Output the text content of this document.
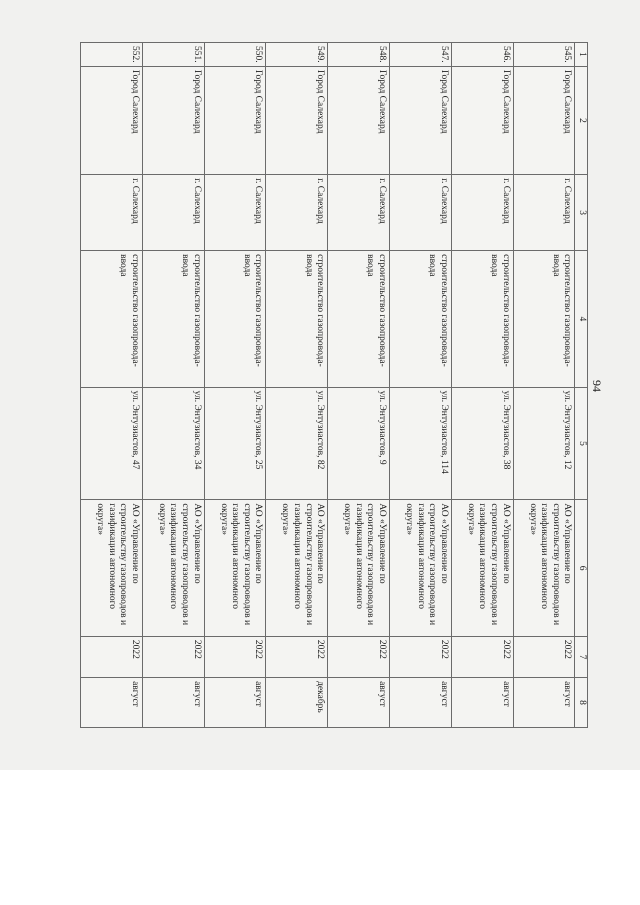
94
1	2	3	4	5	6	7	8
545.	Город Салехард	г. Салехард	строительство газопровода-ввода	ул. Энтузиастов, 12	АО «Управление по строительству газопроводов и газификации автономного округа»	2022	август
546.	Город Салехард	г. Салехард	строительство газопровода-ввода	ул. Энтузиастов, 38	АО «Управление по строительству газопроводов и газификации автономного округа»	2022	август
547.	Город Салехард	г. Салехард	строительство газопровода-ввода	ул. Энтузиастов, 114	АО «Управление по строительству газопроводов и газификации автономного округа»	2022	август
548.	Город Салехард	г. Салехард	строительство газопровода-ввода	ул. Энтузиастов, 9	АО «Управление по строительству газопроводов и газификации автономного округа»	2022	август
549.	Город Салехард	г. Салехард	строительство газопровода-ввода	ул. Энтузиастов, 82	АО «Управление по строительству газопроводов и газификации автономного округа»	2022	декабрь
550.	Город Салехард	г. Салехард	строительство газопровода-ввода	ул. Энтузиастов, 25	АО «Управление по строительству газопроводов и газификации автономного округа»	2022	август
551.	Город Салехард	г. Салехард	строительство газопровода-ввода	ул. Энтузиастов, 34	АО «Управление по строительству газопроводов и газификации автономного округа»	2022	август
552.	Город Салехард	г. Салехард	строительство газопровода-ввода	ул. Энтузиастов, 47	АО «Управление по строительству газопроводов и газификации автономного округа»	2022	август
